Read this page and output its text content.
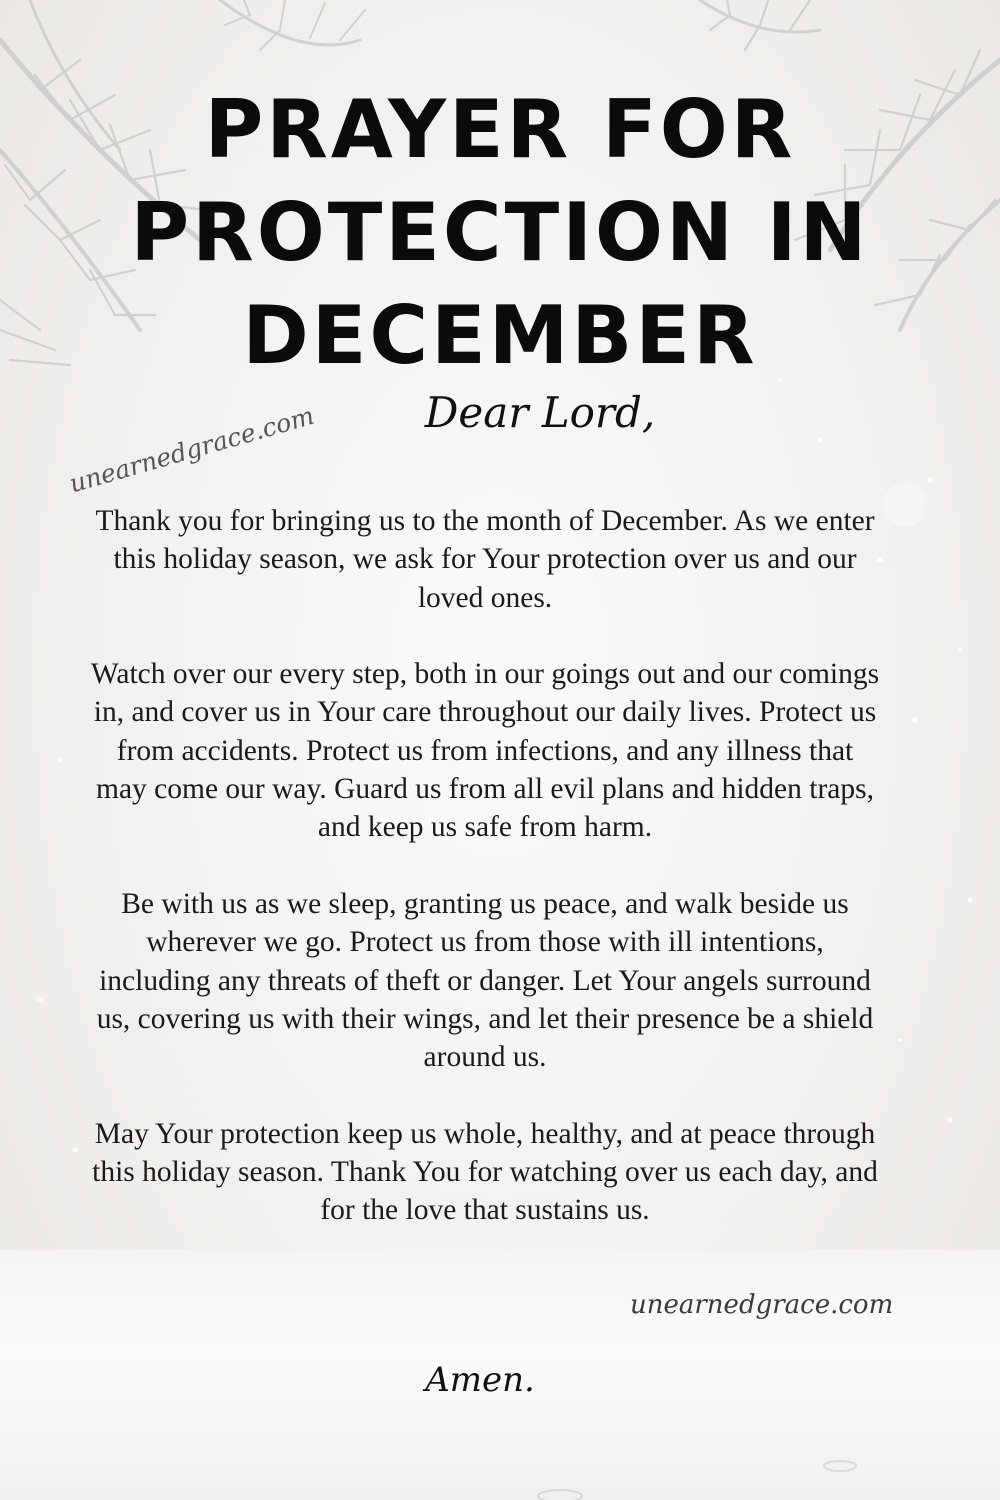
PRAYER FOR PROTECTION IN DECEMBER

Dear Lord,

unearnedgrace.com

Thank you for bringing us to the month of December. As we enter this holiday season, we ask for Your protection over us and our loved ones.

Watch over our every step, both in our goings out and our comings in, and cover us in Your care throughout our daily lives. Protect us from accidents. Protect us from infections, and any illness that may come our way. Guard us from all evil plans and hidden traps, and keep us safe from harm.

Be with us as we sleep, granting us peace, and walk beside us wherever we go. Protect us from those with ill intentions, including any threats of theft or danger. Let Your angels surround us, covering us with their wings, and let their presence be a shield around us.

May Your protection keep us whole, healthy, and at peace through this holiday season. Thank You for watching over us each day, and for the love that sustains us.

unearnedgrace.com

Amen.
